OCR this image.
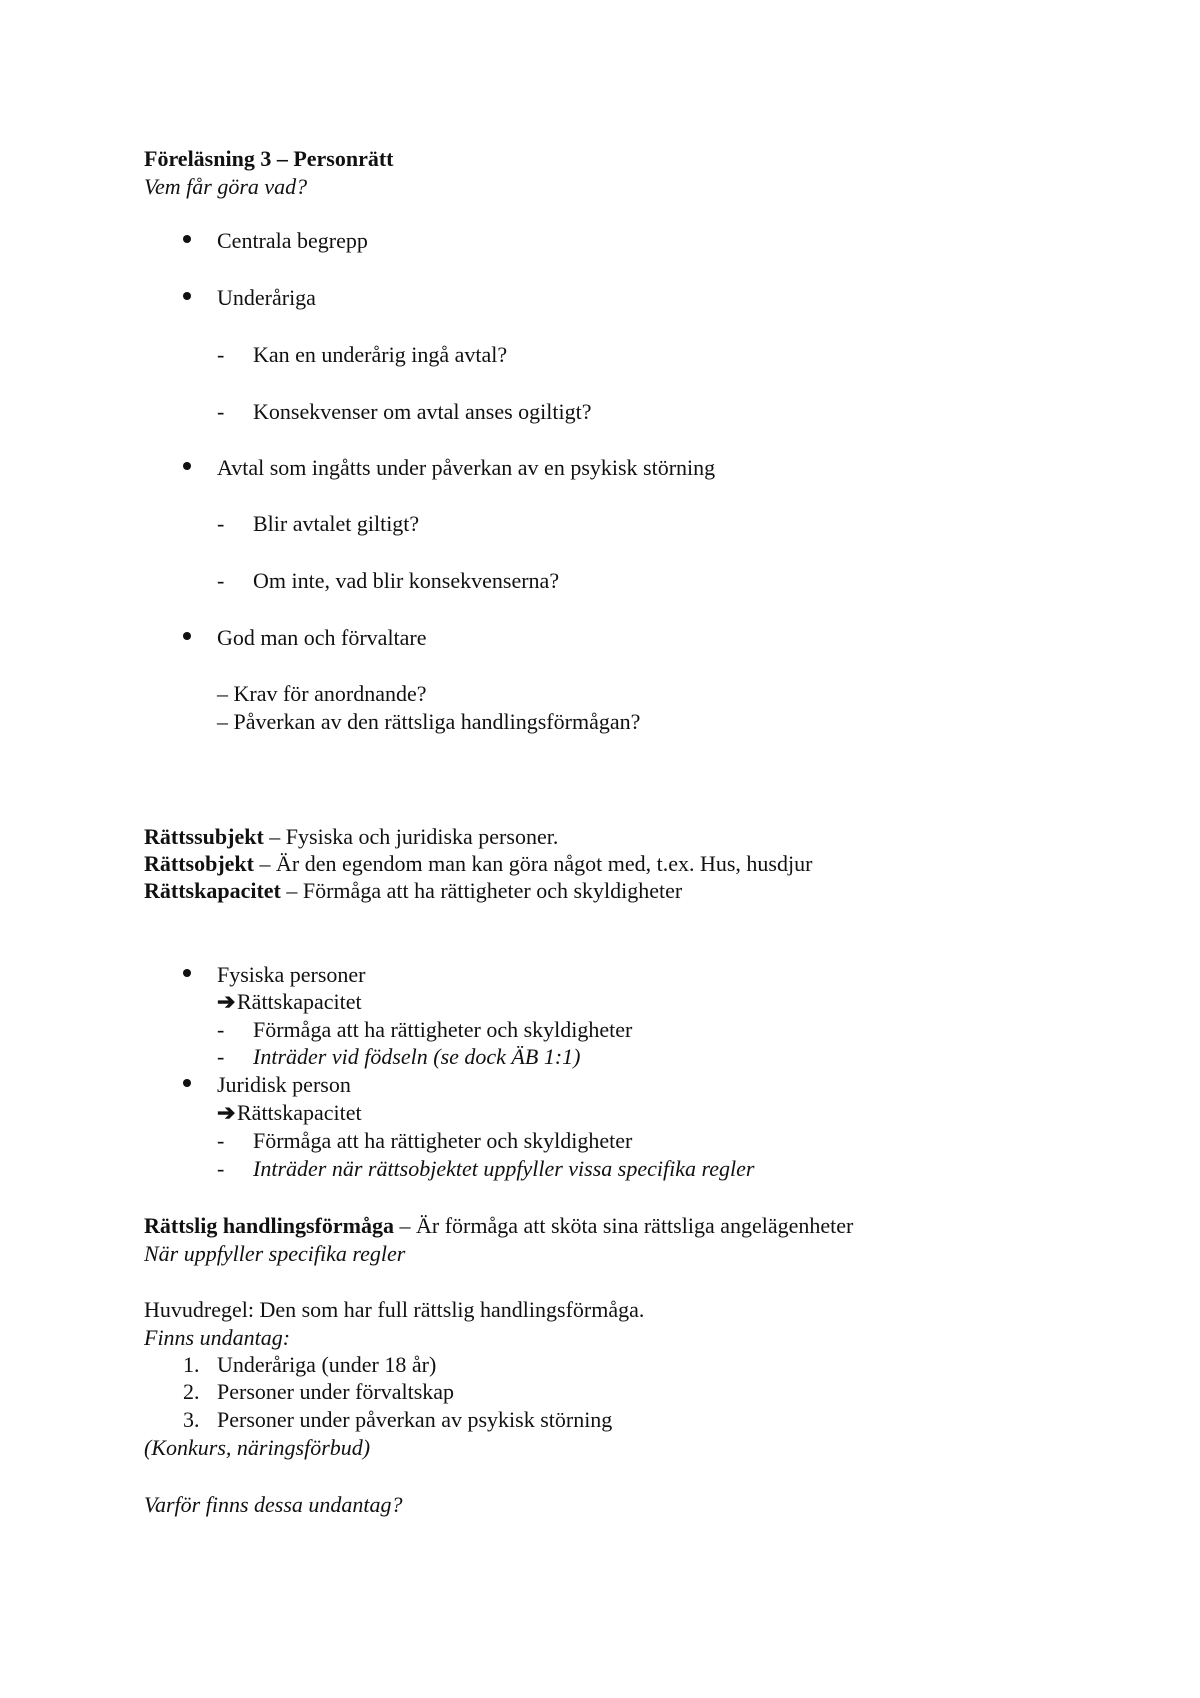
Föreläsning 3 – Personrätt
Vem får göra vad?
Centrala begrepp
Underåriga
- Kan en underårig ingå avtal?
- Konsekvenser om avtal anses ogiltigt?
Avtal som ingåtts under påverkan av en psykisk störning
- Blir avtalet giltigt?
- Om inte, vad blir konsekvenserna?
God man och förvaltare
– Krav för anordnande?
– Påverkan av den rättsliga handlingsförmågan?
Rättssubjekt – Fysiska och juridiska personer.
Rättsobjekt – Är den egendom man kan göra något med, t.ex. Hus, husdjur
Rättskapacitet – Förmåga att ha rättigheter och skyldigheter
Fysiska personer
➔Rättskapacitet
- Förmåga att ha rättigheter och skyldigheter
- Inträder vid födseln (se dock ÄB 1:1)
Juridisk person
➔Rättskapacitet
- Förmåga att ha rättigheter och skyldigheter
- Inträder när rättsobjektet uppfyller vissa specifika regler
Rättslig handlingsförmåga – Är förmåga att sköta sina rättsliga angelägenheter
När uppfyller specifika regler
Huvudregel: Den som har full rättslig handlingsförmåga.
Finns undantag:
1. Underåriga (under 18 år)
2. Personer under förvaltskap
3. Personer under påverkan av psykisk störning
(Konkurs, näringsförbud)
Varför finns dessa undantag?
